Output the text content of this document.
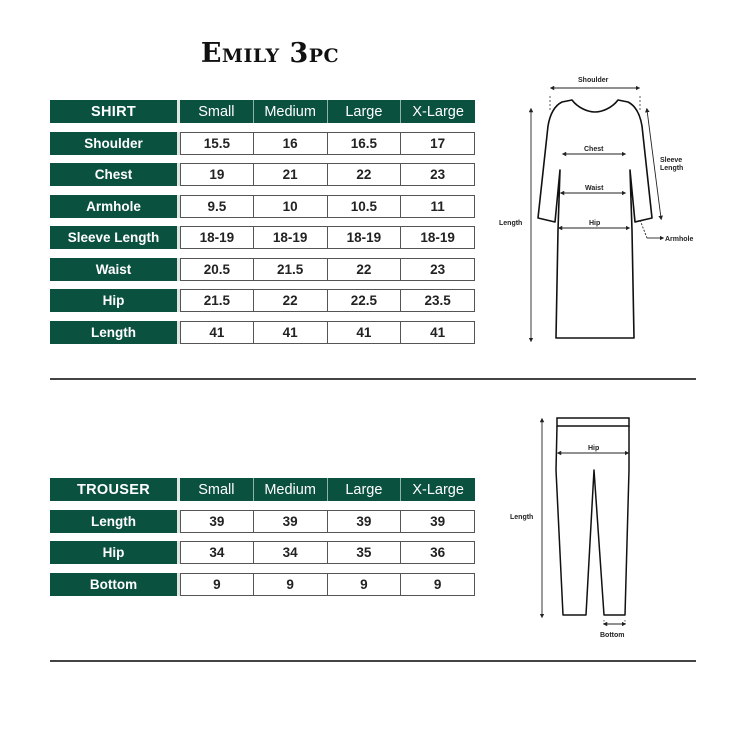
Emily 3pc
SHIRT	Small	Medium	Large	X-Large
Shoulder	15.5	16	16.5	17
Chest	19	21	22	23
Armhole	9.5	10	10.5	11
Sleeve Length	18-19	18-19	18-19	18-19
Waist	20.5	21.5	22	23
Hip	21.5	22	22.5	23.5
Length	41	41	41	41
Shoulder
Chest
Waist
Hip
Length
Sleeve
Length
Armhole
TROUSER	Small	Medium	Large	X-Large
Length	39	39	39	39
Hip	34	34	35	36
Bottom	9	9	9	9
Hip
Length
Bottom
